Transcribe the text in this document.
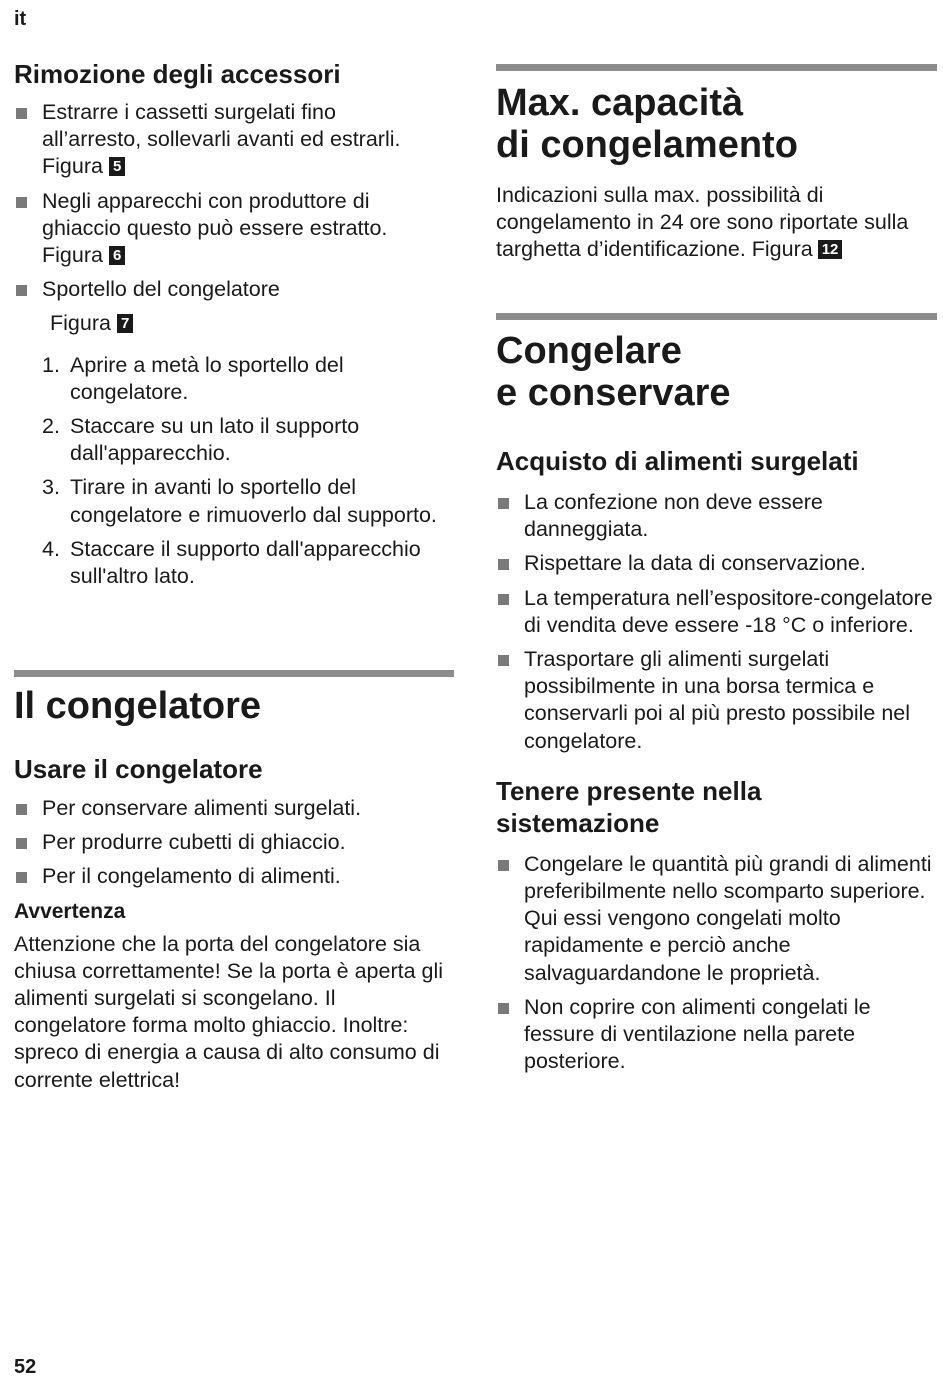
it
Rimozione degli accessori
Estrarre i cassetti surgelati fino
all’arresto, sollevarli avanti ed estrarli.
Figura 5
Negli apparecchi con produttore di
ghiaccio questo può essere estratto.
Figura 6
Sportello del congelatore

Figura 7

1. Aprire a metà lo sportello del congelatore.
2. Staccare su un lato il supporto dall'apparecchio.
3. Tirare in avanti lo sportello del congelatore e rimuoverlo dal supporto.
4. Staccare il supporto dall'apparecchio sull'altro lato.
Il congelatore
Usare il congelatore
Per conservare alimenti surgelati.
Per produrre cubetti di ghiaccio.
Per il congelamento di alimenti.
Avvertenza

Attenzione che la porta del congelatore sia chiusa correttamente! Se la porta è aperta gli alimenti surgelati si scongelano. Il congelatore forma molto ghiaccio. Inoltre: spreco di energia a causa di alto consumo di corrente elettrica!

Max. capacità
di congelamento

Indicazioni sulla max. possibilità di congelamento in 24 ore sono riportate sulla targhetta d’identificazione. Figura 12

Congelare
e conservare
Acquisto di alimenti surgelati
La confezione non deve essere danneggiata.
Rispettare la data di conservazione.
La temperatura nell’espositore-congelatore di vendita deve essere -18 °C o inferiore.
Trasportare gli alimenti surgelati possibilmente in una borsa termica e conservarli poi al più presto possibile nel congelatore.
Tenere presente nella
sistemazione
Congelare le quantità più grandi di alimenti preferibilmente nello scomparto superiore. Qui essi vengono congelati molto rapidamente e perciò anche salvaguardandone le proprietà.
Non coprire con alimenti congelati le fessure di ventilazione nella parete posteriore.
52
